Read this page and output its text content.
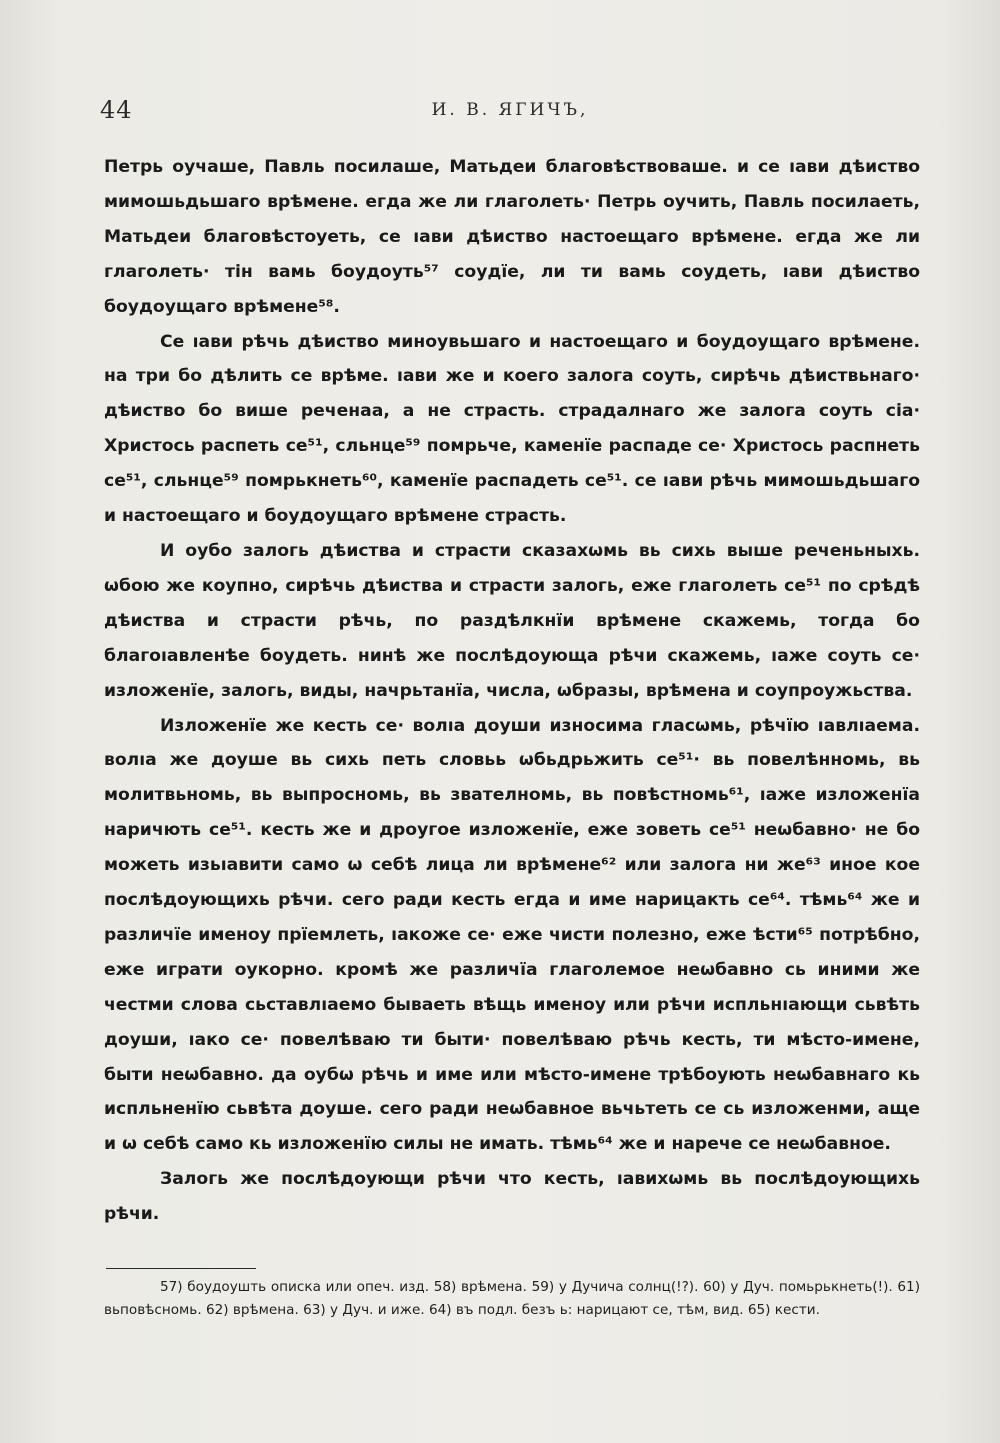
44	И. В. ЯГИЧЪ,

Петрь оучаше, Павль посилаше, Матьдеи благовѣствоваше. и се ıави дѣиство мимошьдьшаго врѣмене. егда же ли глаголеть· Петрь оучить, Павль посилаеть, Матьдеи благовѣстоуеть, се ıави дѣиство настоещаго врѣмене. егда же ли глаголеть· тін вамь боудоуть⁵⁷ соудїе, ли ти вамь соудеть, ıави дѣиство боудоущаго врѣмене⁵⁸.

Се ıави рѣчь дѣиство миноувьшаго и настоещаго и боудоущаго врѣмене. на три бо дѣлить се врѣме. ıави же и коего залога соуть, сирѣчь дѣиствьнаго· дѣиство бо више реченаа, а не страсть. страдалнаго же залога соуть сіа· Христось распеть се⁵¹, сльнце⁵⁹ помрьче, каменїе распаде се· Христось распнеть се⁵¹, сльнце⁵⁹ помрькнеть⁶⁰, каменїе распадеть се⁵¹. се ıави рѣчь мимошьдьшаго и настоещаго и боудоущаго врѣмене страсть.

И оубо залогь дѣиства и страсти сказахѡмь вь сихь выше реченьныхь. ѡбою же коупно, сирѣчь дѣиства и страсти залогь, еже глаголеть се⁵¹ по срѣдѣ дѣиства и страсти рѣчь, по раздѣлкнїи врѣмене скажемь, тогда бо благоıавленѣе боудеть. нинѣ же послѣдоующа рѣчи скажемь, ıаже соуть се· изложенїе, залогь, виды, начрьтанїа, числа, ѡбразы, врѣмена и соупроужьства.

Изложенїе же кесть се· волıа доуши износима гласѡмь, рѣчїю ıавлıаема. волıа же доуше вь сихь петь словьь ѡбьдрьжить се⁵¹· вь повелѣнномь, вь молитвьномь, вь выпросномь, вь звателномь, вь повѣстномь⁶¹, ıаже изложенїа наричють се⁵¹. кесть же и дроугое изложенїе, еже зоветь се⁵¹ неѡбавно· не бо можеть изьıавити само ѡ себѣ лица ли врѣмене⁶² или залога ни же⁶³ иное кое послѣдоующихь рѣчи. сего ради кесть егда и име нарицакть се⁶⁴. тѣмь⁶⁴ же и различїе именоу прїемлеть, ıакоже се· еже чисти полезно, еже ѣсти⁶⁵ потрѣбно, еже играти оукорно. кромѣ же различїа глаголемое неѡбавно сь иними же честми слова сьставлıаемо бываеть вѣщь именоу или рѣчи испльнıающи сьвѣть доуши, ıако се· повелѣваю ти быти· повелѣваю рѣчь кесть, ти мѣсто-имене, быти неѡбавно. да оубѡ рѣчь и име или мѣсто-имене трѣбоують неѡбавнаго кь испльненїю сьвѣта доуше. сего ради неѡбавное вьчьтеть се сь изложенми, аще и ѡ себѣ само кь изложенїю силы не имать. тѣмь⁶⁴ же и нарече се неѡбавное.

Залогь же послѣдоующи рѣчи что кесть, ıавихѡмь вь послѣдоующихь рѣчи.

57) боудоушть описка или опеч. изд. 58) врѣмена. 59) у Дучича солнц(!?). 60) у Дуч. помьрькнеть(!). 61) вьповѣсномь. 62) врѣмена. 63) у Дуч. и иже. 64) въ подл. безъ ь: нарицают се, тѣм, вид. 65) кести.
